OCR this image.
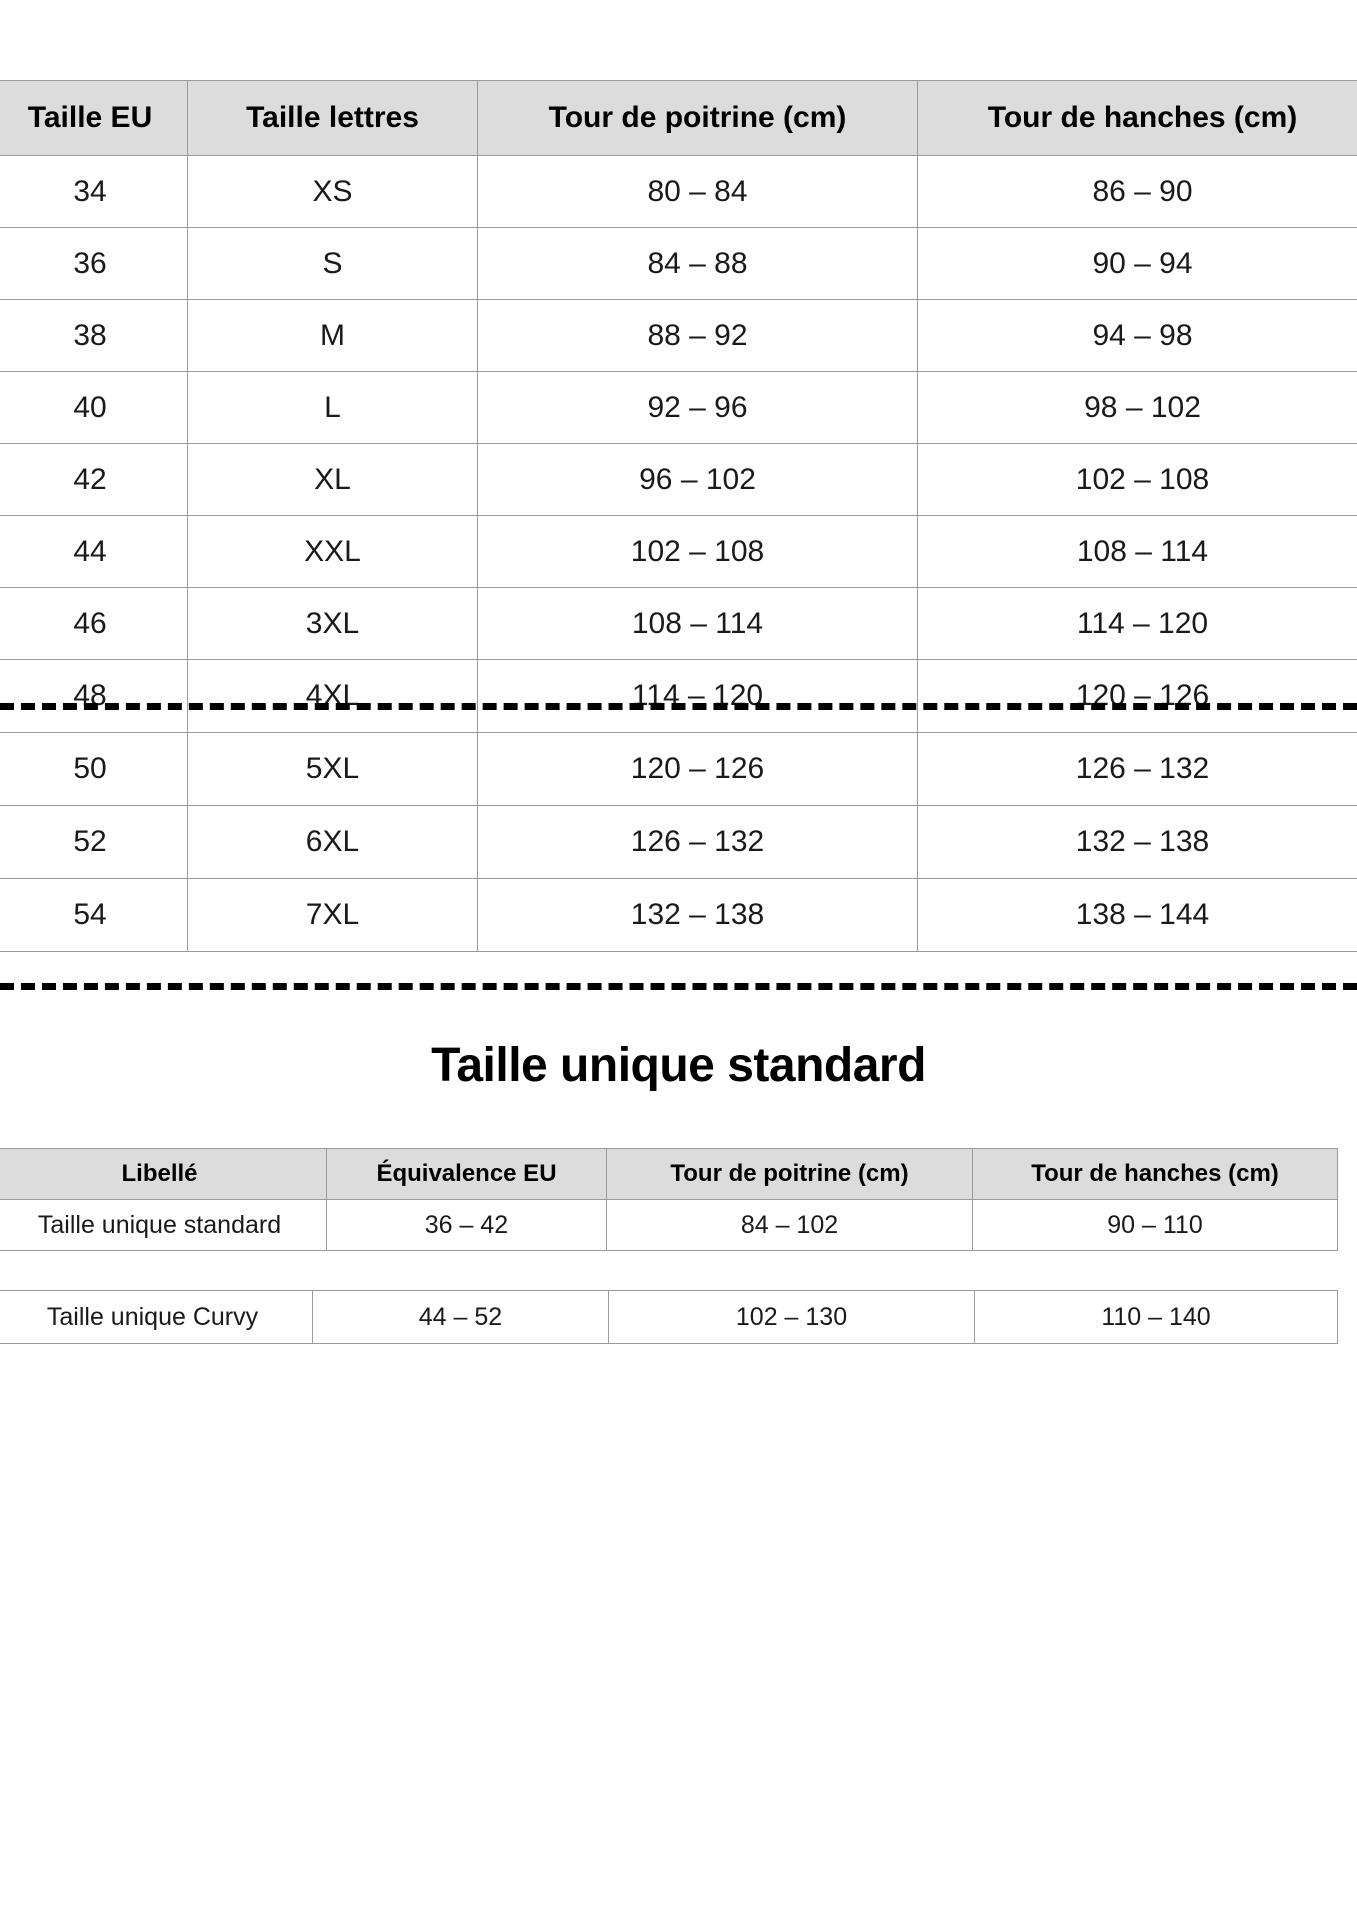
Taille EU	Taille lettres	Tour de poitrine (cm)	Tour de hanches (cm)
34	XS	80 – 84	86 – 90
36	S	84 – 88	90 – 94
38	M	88 – 92	94 – 98
40	L	92 – 96	98 – 102
42	XL	96 – 102	102 – 108
44	XXL	102 – 108	108 – 114
46	3XL	108 – 114	114 – 120
48	4XL	114 – 120	120 – 126
50	5XL	120 – 126	126 – 132
52	6XL	126 – 132	132 – 138
54	7XL	132 – 138	138 – 144
Taille unique standard
Libellé	Équivalence EU	Tour de poitrine (cm)	Tour de hanches (cm)
Taille unique standard	36 – 42	84 – 102	90 – 110
Taille unique Curvy	44 – 52	102 – 130	110 – 140
